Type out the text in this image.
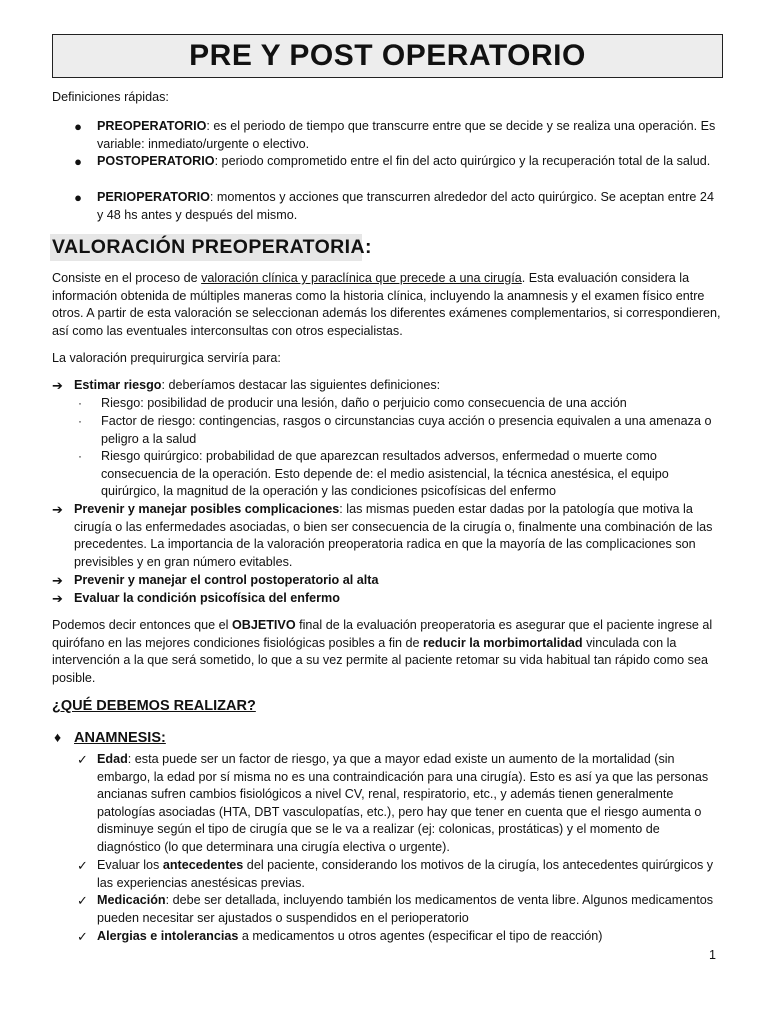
PRE Y POST OPERATORIO

Definiciones rápidas:

● PREOPERATORIO: es el periodo de tiempo que transcurre entre que se decide y se realiza una operación. Es variable: inmediato/urgente o electivo.

● POSTOPERATORIO: periodo comprometido entre el fin del acto quirúrgico y la recuperación total de la salud.

● PERIOPERATORIO: momentos y acciones que transcurren alrededor del acto quirúrgico. Se aceptan entre 24 y 48 hs antes y después del mismo.

VALORACIÓN PREOPERATORIA:

Consiste en el proceso de valoración clínica y paraclínica que precede a una cirugía. Esta evaluación considera la información obtenida de múltiples maneras como la historia clínica, incluyendo la anamnesis y el examen físico entre otros. A partir de esta valoración se seleccionan además los diferentes exámenes complementarios, si correspondieren, así como las eventuales interconsultas con otros especialistas.

La valoración prequirurgica serviría para:

➔ Estimar riesgo: deberíamos destacar las siguientes definiciones:

·	Riesgo: posibilidad de producir una lesión, daño o perjuicio como consecuencia de una acción

·	Factor de riesgo: contingencias, rasgos o circunstancias cuya acción o presencia equivalen a una amenaza o peligro a la salud

·	Riesgo quirúrgico: probabilidad de que aparezcan resultados adversos, enfermedad o muerte como consecuencia de la operación. Esto depende de: el medio asistencial, la técnica anestésica, el equipo quirúrgico, la magnitud de la operación y las condiciones psicofísicas del enfermo

➔ Prevenir y manejar posibles complicaciones: las mismas pueden estar dadas por la patología que motiva la cirugía o las enfermedades asociadas, o bien ser consecuencia de la cirugía o, finalmente una combinación de las precedentes. La importancia de la valoración preoperatoria radica en que la mayoría de las complicaciones son previsibles y en gran número evitables.

➔ Prevenir y manejar el control postoperatorio al alta

➔ Evaluar la condición psicofísica del enfermo

Podemos decir entonces que el OBJETIVO final de la evaluación preoperatoria es asegurar que el paciente ingrese al quirófano en las mejores condiciones fisiológicas posibles a fin de reducir la morbimortalidad vinculada con la intervención a la que será sometido, lo que a su vez permite al paciente retomar su vida habitual tan rápido como sea posible.

¿QUÉ DEBEMOS REALIZAR?
♦ ANAMNESIS:
✓ Edad: esta puede ser un factor de riesgo, ya que a mayor edad existe un aumento de la mortalidad (sin embargo, la edad por sí misma no es una contraindicación para una cirugía). Esto es así ya que las personas ancianas sufren cambios fisiológicos a nivel CV, renal, respiratorio, etc., y además tienen generalmente patologías asociadas (HTA, DBT vasculopatías, etc.), pero hay que tener en cuenta que el riesgo aumenta o disminuye según el tipo de cirugía que se le va a realizar (ej: colonicas, prostáticas) y el momento de diagnóstico (lo que determinara una cirugía electiva o urgente).

✓ Evaluar los antecedentes del paciente, considerando los motivos de la cirugía, los antecedentes quirúrgicos y las experiencias anestésicas previas.

✓ Medicación: debe ser detallada, incluyendo también los medicamentos de venta libre. Algunos medicamentos pueden necesitar ser ajustados o suspendidos en el perioperatorio

✓ Alergias e intolerancias a medicamentos u otros agentes (especificar el tipo de reacción)

1
